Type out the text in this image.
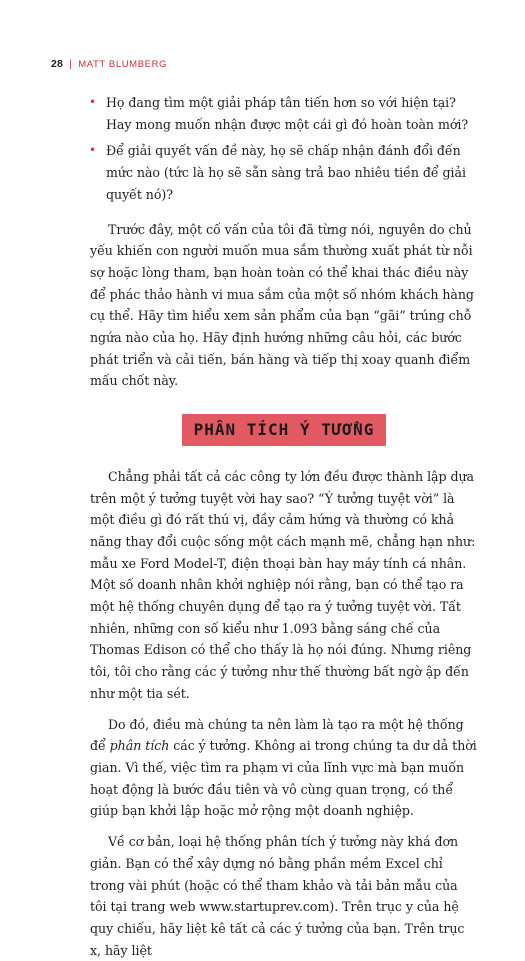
28 | MATT BLUMBERG
• Họ đang tìm một giải pháp tân tiến hơn so với hiện tại? Hay mong muốn nhận được một cái gì đó hoàn toàn mới?
• Để giải quyết vấn đề này, họ sẽ chấp nhận đánh đổi đến mức nào (tức là họ sẽ sẵn sàng trả bao nhiêu tiền để giải quyết nó)?

Trước đây, một cố vấn của tôi đã từng nói, nguyên do chủ yếu khiến con người muốn mua sắm thường xuất phát từ nỗi sợ hoặc lòng tham, bạn hoàn toàn có thể khai thác điều này để phác thảo hành vi mua sắm của một số nhóm khách hàng cụ thể. Hãy tìm hiểu xem sản phẩm của bạn “gãi” trúng chỗ ngứa nào của họ. Hãy định hướng những câu hỏi, các bước phát triển và cải tiến, bán hàng và tiếp thị xoay quanh điểm mấu chốt này.

PHÂN TÍCH Ý TƯỞNG

Chẳng phải tất cả các công ty lớn đều được thành lập dựa trên một ý tưởng tuyệt vời hay sao? “Ý tưởng tuyệt vời” là một điều gì đó rất thú vị, đầy cảm hứng và thường có khả năng thay đổi cuộc sống một cách mạnh mẽ, chẳng hạn như: mẫu xe Ford Model-T, điện thoại bàn hay máy tính cá nhân. Một số doanh nhân khởi nghiệp nói rằng, bạn có thể tạo ra một hệ thống chuyên dụng để tạo ra ý tưởng tuyệt vời. Tất nhiên, những con số kiểu như 1.093 bằng sáng chế của Thomas Edison có thể cho thấy là họ nói đúng. Nhưng riêng tôi, tôi cho rằng các ý tưởng như thế thường bất ngờ ập đến như một tia sét.

Do đó, điều mà chúng ta nên làm là tạo ra một hệ thống để phân tích các ý tưởng. Không ai trong chúng ta dư dả thời gian. Vì thế, việc tìm ra phạm vi của lĩnh vực mà bạn muốn hoạt động là bước đầu tiên và vô cùng quan trọng, có thể giúp bạn khởi lập hoặc mở rộng một doanh nghiệp.

Về cơ bản, loại hệ thống phân tích ý tưởng này khá đơn giản. Bạn có thể xây dựng nó bằng phần mềm Excel chỉ trong vài phút (hoặc có thể tham khảo và tải bản mẫu của tôi tại trang web www.startuprev.com). Trên trục y của hệ quy chiếu, hãy liệt kê tất cả các ý tưởng của bạn. Trên trục x, hãy liệt
